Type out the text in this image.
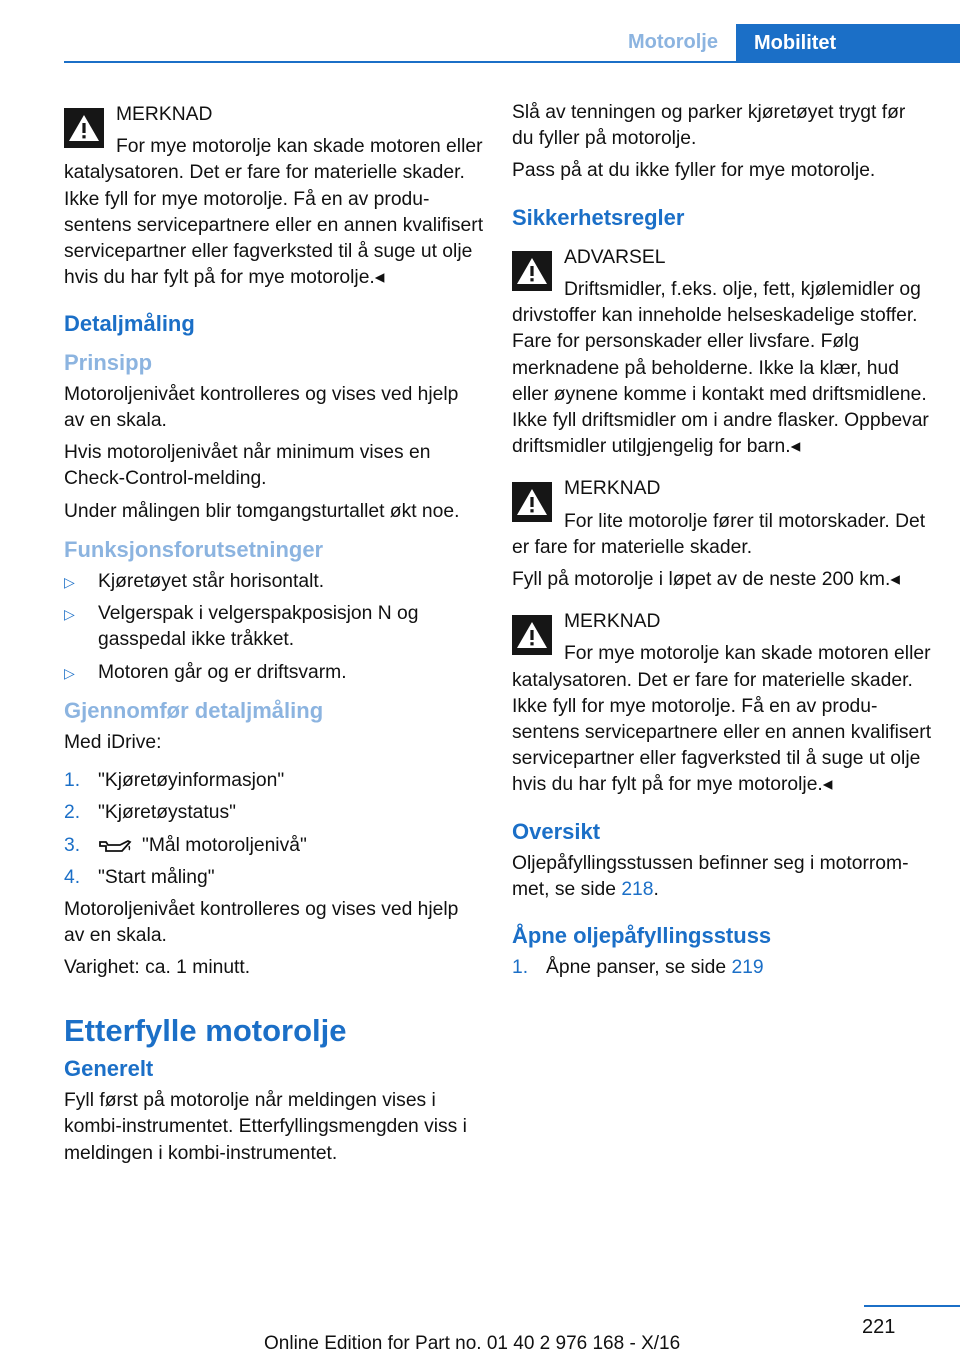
Motorolje	Mobilitet
MERKNAD
For mye motorolje kan skade motoren eller katalysatoren. Det er fare for materielle skader. Ikke fyll for mye motorolje. Få en av produsentens servicepartnere eller en annen kvalifisert servicepartner eller fagverksted til å suge ut olje hvis du har fylt på for mye motorolje.◂
Detaljmåling
Prinsipp

Motoroljenivået kontrolleres og vises ved hjelp av en skala.

Hvis motoroljenivået når minimum vises en Check-Control-melding.

Under målingen blir tomgangsturtallet økt noe.

Funksjonsforutsetninger
▷ Kjøretøyet står horisontalt.
▷ Velgerspak i velgerspakposisjon N og gasspedal ikke tråkket.
▷ Motoren går og er driftsvarm.
Gjennomfør detaljmåling

Med iDrive:

1. "Kjøretøyinformasjon"
2. "Kjøretøystatus"
3.	"Mål motoroljenivå"
4. "Start måling"

Motoroljenivået kontrolleres og vises ved hjelp av en skala.

Varighet: ca. 1 minutt.

Etterfylle motorolje
Generelt

Fyll først på motorolje når meldingen vises i kombi-instrumentet. Etterfyllingsmengden viss i meldingen i kombi-instrumentet.

Slå av tenningen og parker kjøretøyet trygt før du fyller på motorolje.

Pass på at du ikke fyller for mye motorolje.

Sikkerhetsregler
ADVARSEL
Driftsmidler, f.eks. olje, fett, kjølemidler og drivstoffer kan inneholde helseskadelige stoffer. Fare for personskader eller livsfare. Følg merknadene på beholderne. Ikke la klær, hud eller øynene komme i kontakt med driftsmidlene. Ikke fyll driftsmidler om i andre flasker. Oppbevar driftsmidler utilgjengelig for barn.◂
MERKNAD
For lite motorolje fører til motorskader. Det er fare for materielle skader.

Fyll på motorolje i løpet av de neste 200 km.◂

MERKNAD
For mye motorolje kan skade motoren eller katalysatoren. Det er fare for materielle skader. Ikke fyll for mye motorolje. Få en av produsentens servicepartnere eller en annen kvalifisert servicepartner eller fagverksted til å suge ut olje hvis du har fylt på for mye motorolje.◂
Oversikt

Oljepåfyllingsstussen befinner seg i motorrommet, se side 218.

Åpne oljepåfyllingsstuss
1. Åpne panser, se side 219
221
Online Edition for Part no. 01 40 2 976 168 - X/16
